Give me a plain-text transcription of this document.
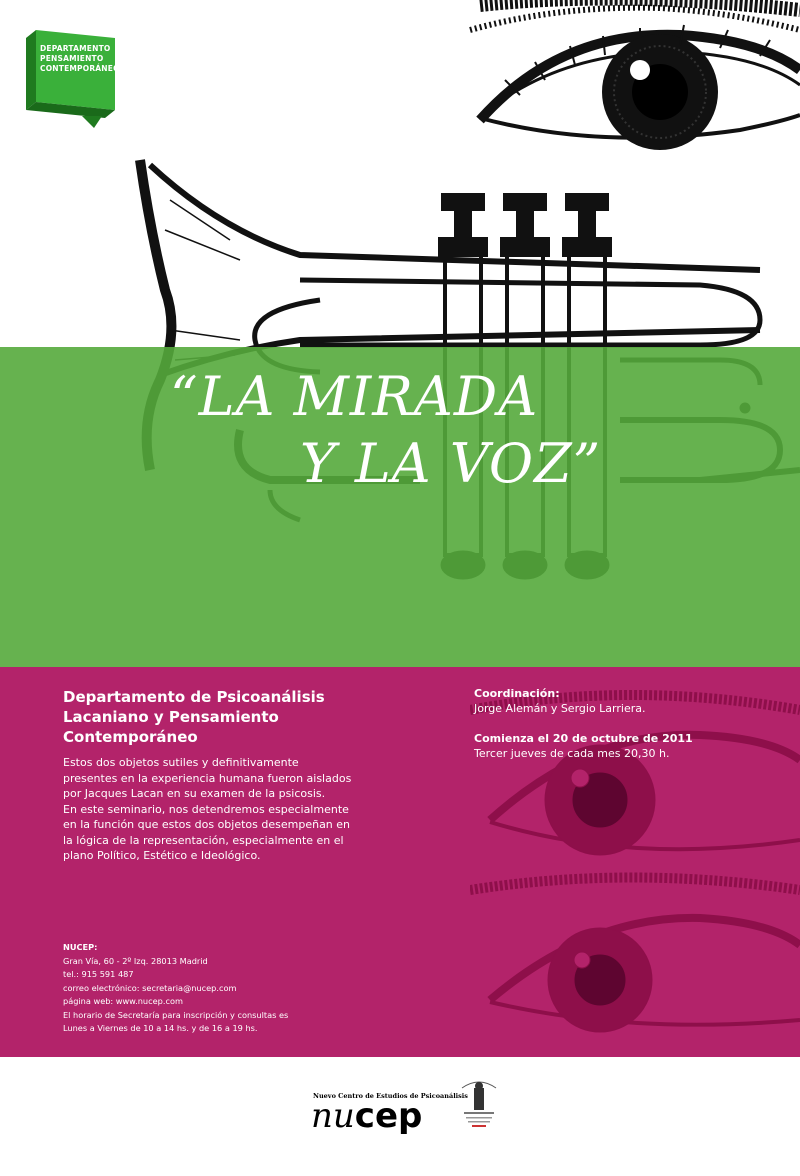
DEPARTAMENTO
PENSAMIENTO
CONTEMPORÁNEO
“LA MIRADA
Y LA VOZ”
Departamento de Psicoanálisis
Lacaniano y Pensamiento
Contemporáneo
Estos dos objetos sutiles y definitivamente
presentes en la experiencia humana fueron aislados
por Jacques Lacan en su examen de la psicosis.
En este seminario, nos detendremos especialmente
en la función que estos dos objetos desempeñan en
la lógica de la representación, especialmente en el
plano Político, Estético e Ideológico.
Coordinación:
Jorge Alemán y Sergio Larriera.
Comienza el 20 de octubre de 2011
Tercer jueves de cada mes 20,30 h.
NUCEP:
Gran Vía, 60 - 2º Izq. 28013 Madrid
tel.: 915 591 487
correo electrónico: secretaria@nucep.com
página web: www.nucep.com
El horario de Secretaría para inscripción y consultas es
Lunes a Viernes de 10 a 14 hs. y de 16 a 19 hs.
Nuevo Centro de Estudios de Psicoanálisis
nucep
